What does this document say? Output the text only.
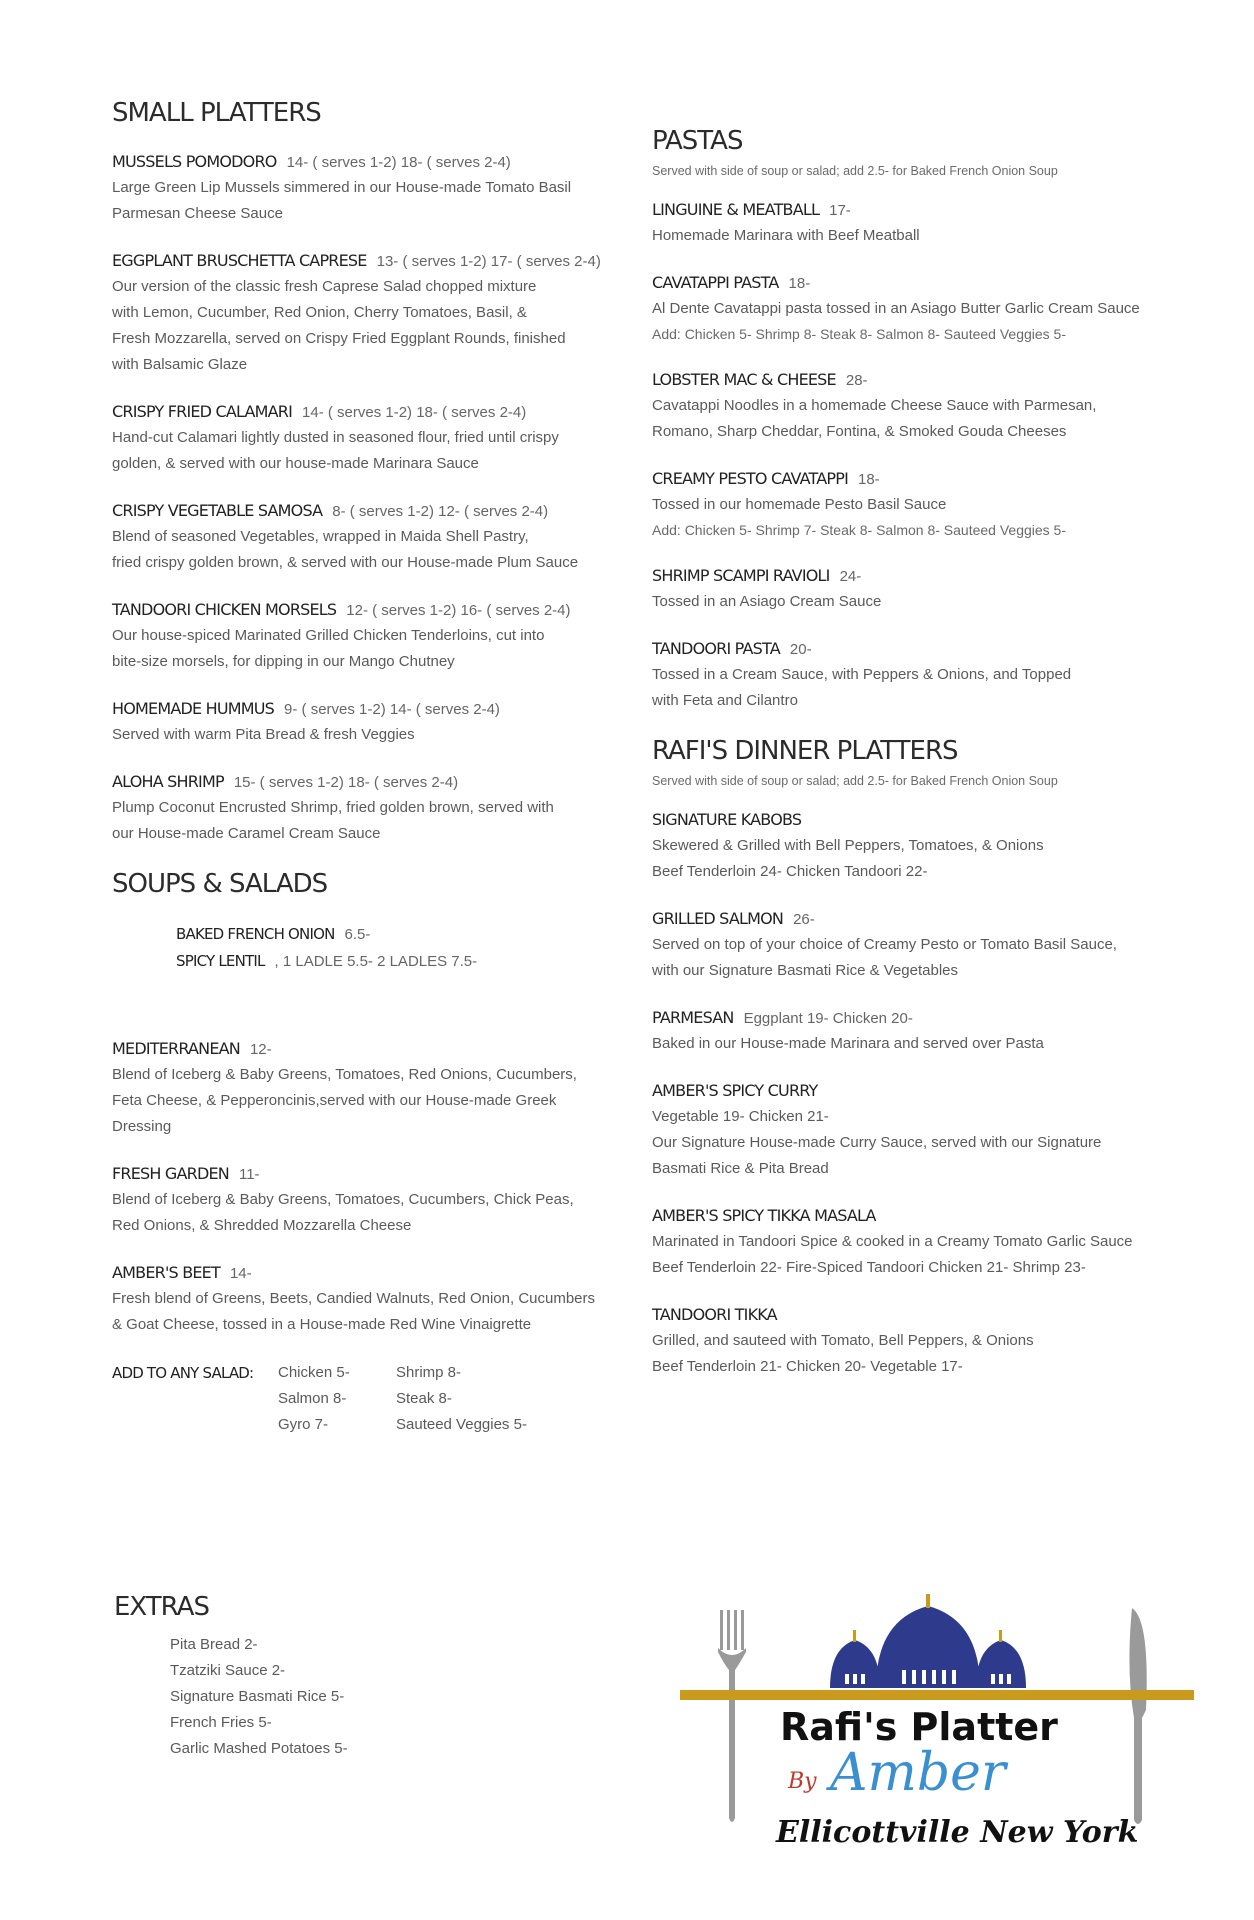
SMALL PLATTERS
MUSSELS POMODORO 14- ( serves 1-2) 18- ( serves 2-4)
Large Green Lip Mussels simmered in our House-made Tomato Basil
Parmesan Cheese Sauce
EGGPLANT BRUSCHETTA CAPRESE 13- ( serves 1-2) 17- ( serves 2-4)
Our version of the classic fresh Caprese Salad chopped mixture
with Lemon, Cucumber, Red Onion, Cherry Tomatoes, Basil, &
Fresh Mozzarella, served on Crispy Fried Eggplant Rounds, finished
with Balsamic Glaze
CRISPY FRIED CALAMARI 14- ( serves 1-2) 18- ( serves 2-4)
Hand-cut Calamari lightly dusted in seasoned flour, fried until crispy
golden, & served with our house-made Marinara Sauce
CRISPY VEGETABLE SAMOSA 8- ( serves 1-2) 12- ( serves 2-4)
Blend of seasoned Vegetables, wrapped in Maida Shell Pastry,
fried crispy golden brown, & served with our House-made Plum Sauce
TANDOORI CHICKEN MORSELS 12- ( serves 1-2) 16- ( serves 2-4)
Our house-spiced Marinated Grilled Chicken Tenderloins, cut into
bite-size morsels, for dipping in our Mango Chutney
HOMEMADE HUMMUS 9- ( serves 1-2) 14- ( serves 2-4)
Served with warm Pita Bread & fresh Veggies
ALOHA SHRIMP 15- ( serves 1-2) 18- ( serves 2-4)
Plump Coconut Encrusted Shrimp, fried golden brown, served with
our House-made Caramel Cream Sauce
SOUPS & SALADS
BAKED FRENCH ONION 6.5-
SPICY LENTIL , 1 LADLE 5.5- 2 LADLES 7.5-
MEDITERRANEAN 12-
Blend of Iceberg & Baby Greens, Tomatoes, Red Onions, Cucumbers,
Feta Cheese, & Pepperoncinis,served with our House-made Greek
Dressing
FRESH GARDEN 11-
Blend of Iceberg & Baby Greens, Tomatoes, Cucumbers, Chick Peas,
Red Onions, & Shredded Mozzarella Cheese
AMBER'S BEET 14-
Fresh blend of Greens, Beets, Candied Walnuts, Red Onion, Cucumbers
& Goat Cheese, tossed in a House-made Red Wine Vinaigrette
ADD TO ANY SALAD:	Chicken 5-
Salmon 8-
Gyro 7-
Shrimp 8-
Steak 8-
Sauteed Veggies 5-
PASTAS
Served with side of soup or salad; add 2.5- for Baked French Onion Soup
LINGUINE & MEATBALL 17-
Homemade Marinara with Beef Meatball
CAVATAPPI PASTA 18-
Al Dente Cavatappi pasta tossed in an Asiago Butter Garlic Cream Sauce
Add: Chicken 5- Shrimp 8- Steak 8- Salmon 8- Sauteed Veggies 5-
LOBSTER MAC & CHEESE 28-
Cavatappi Noodles in a homemade Cheese Sauce with Parmesan,
Romano, Sharp Cheddar, Fontina, & Smoked Gouda Cheeses
CREAMY PESTO CAVATAPPI 18-
Tossed in our homemade Pesto Basil Sauce
Add: Chicken 5- Shrimp 7- Steak 8- Salmon 8- Sauteed Veggies 5-
SHRIMP SCAMPI RAVIOLI 24-
Tossed in an Asiago Cream Sauce
TANDOORI PASTA 20-
Tossed in a Cream Sauce, with Peppers & Onions, and Topped
with Feta and Cilantro
RAFI'S DINNER PLATTERS
Served with side of soup or salad; add 2.5- for Baked French Onion Soup
SIGNATURE KABOBS
Skewered & Grilled with Bell Peppers, Tomatoes, & Onions
Beef Tenderloin 24- Chicken Tandoori 22-
GRILLED SALMON 26-
Served on top of your choice of Creamy Pesto or Tomato Basil Sauce,
with our Signature Basmati Rice & Vegetables
PARMESAN Eggplant 19- Chicken 20-
Baked in our House-made Marinara and served over Pasta
AMBER'S SPICY CURRY
Vegetable 19- Chicken 21-
Our Signature House-made Curry Sauce, served with our Signature
Basmati Rice & Pita Bread
AMBER'S SPICY TIKKA MASALA
Marinated in Tandoori Spice & cooked in a Creamy Tomato Garlic Sauce
Beef Tenderloin 22- Fire-Spiced Tandoori Chicken 21- Shrimp 23-
TANDOORI TIKKA
Grilled, and sauteed with Tomato, Bell Peppers, & Onions
Beef Tenderloin 21- Chicken 20- Vegetable 17-
EXTRAS
Pita Bread 2-
Tzatziki Sauce 2-
Signature Basmati Rice 5-
French Fries 5-
Garlic Mashed Potatoes 5-	Rafi's Platter
By Amber
Ellicottville New York
